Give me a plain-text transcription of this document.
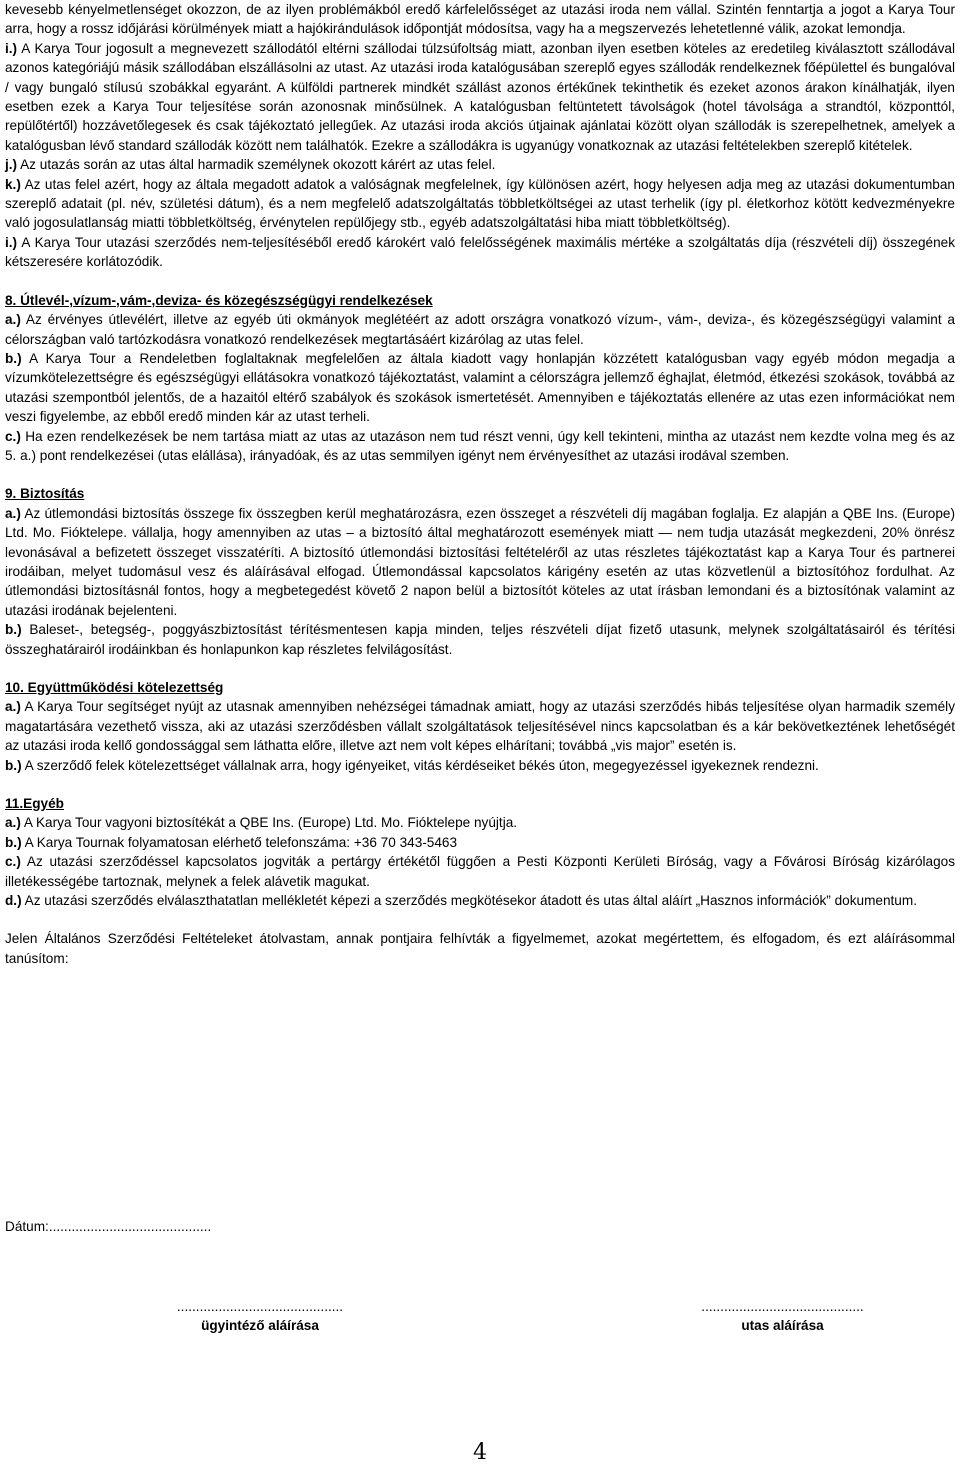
kevesebb kényelmetlenséget okozzon, de az ilyen problémákból eredő kárfelelősséget az utazási iroda nem vállal. Szintén fenntartja a jogot a Karya Tour arra, hogy a rossz időjárási körülmények miatt a hajókirándulások időpontját módosítsa, vagy ha a megszervezés lehetetlenné válik, azokat lemondja.

i.) A Karya Tour jogosult a megnevezett szállodától eltérni szállodai túlzsúfoltság miatt, azonban ilyen esetben köteles az eredetileg kiválasztott szállodával azonos kategóriájú másik szállodában elszállásolni az utast. Az utazási iroda katalógusában szereplő egyes szállodák rendelkeznek főépülettel és bungalóval / vagy bungaló stílusú szobákkal egyaránt. A külföldi partnerek mindkét szállást azonos értékűnek tekinthetik és ezeket azonos árakon kínálhatják, ilyen esetben ezek a Karya Tour teljesítése során azonosnak minősülnek. A katalógusban feltüntetett távolságok (hotel távolsága a strandtól, központtól, repülőtértől) hozzávetőlegesek és csak tájékoztató jellegűek. Az utazási iroda akciós útjainak ajánlatai között olyan szállodák is szerepelhetnek, amelyek a katalógusban lévő standard szállodák között nem találhatók. Ezekre a szállodákra is ugyanúgy vonatkoznak az utazási feltételekben szereplő kitételek.

j.) Az utazás során az utas által harmadik személynek okozott kárért az utas felel.

k.) Az utas felel azért, hogy az általa megadott adatok a valóságnak megfelelnek, így különösen azért, hogy helyesen adja meg az utazási dokumentumban szereplő adatait (pl. név, születési dátum), és a nem megfelelő adatszolgáltatás többletköltségei az utast terhelik (így pl. életkorhoz kötött kedvezményekre való jogosulatlanság miatti többletköltség, érvénytelen repülőjegy stb., egyéb adatszolgáltatási hiba miatt többletköltség).

i.) A Karya Tour utazási szerződés nem-teljesítéséből eredő károkért való felelősségének maximális mértéke a szolgáltatás díja (részvételi díj) összegének kétszeresére korlátozódik.

8. Útlevél-,vízum-,vám-,deviza- és közegészségügyi rendelkezések

a.) Az érvényes útlevélért, illetve az egyéb úti okmányok meglétéért az adott országra vonatkozó vízum-, vám-, deviza-, és közegészségügyi valamint a célországban való tartózkodásra vonatkozó rendelkezések megtartásáért kizárólag az utas felel.

b.) A Karya Tour a Rendeletben foglaltaknak megfelelően az általa kiadott vagy honlapján közzétett katalógusban vagy egyéb módon megadja a vízumkötelezettségre és egészségügyi ellátásokra vonatkozó tájékoztatást, valamint a célországra jellemző éghajlat, életmód, étkezési szokások, továbbá az utazási szempontból jelentős, de a hazaitól eltérő szabályok és szokások ismertetését. Amennyiben e tájékoztatás ellenére az utas ezen információkat nem veszi figyelembe, az ebből eredő minden kár az utast terheli.

c.) Ha ezen rendelkezések be nem tartása miatt az utas az utazáson nem tud részt venni, úgy kell tekinteni, mintha az utazást nem kezdte volna meg és az 5. a.) pont rendelkezései (utas elállása), irányadóak, és az utas semmilyen igényt nem érvényesíthet az utazási irodával szemben.

9. Biztosítás

a.) Az útlemondási biztosítás összege fix összegben kerül meghatározásra, ezen összeget a részvételi díj magában foglalja. Ez alapján a QBE Ins. (Europe) Ltd. Mo. Fióktelepe. vállalja, hogy amennyiben az utas – a biztosító által meghatározott események miatt — nem tudja utazását megkezdeni, 20% önrész levonásával a befizetett összeget visszatéríti. A biztosító útlemondási biztosítási feltételéről az utas részletes tájékoztatást kap a Karya Tour és partnerei irodáiban, melyet tudomásul vesz és aláírásával elfogad. Útlemondással kapcsolatos kárigény esetén az utas közvetlenül a biztosítóhoz fordulhat. Az útlemondási biztosításnál fontos, hogy a megbetegedést követő 2 napon belül a biztosítót köteles az utat írásban lemondani és a biztosítónak valamint az utazási irodának bejelenteni.

b.) Baleset-, betegség-, poggyászbiztosítást térítésmentesen kapja minden, teljes részvételi díjat fizető utasunk, melynek szolgáltatásairól és térítési összeghatárairól irodáinkban és honlapunkon kap részletes felvilágosítást.

10. Együttműködési kötelezettség

a.) A Karya Tour segítséget nyújt az utasnak amennyiben nehézségei támadnak amiatt, hogy az utazási szerződés hibás teljesítése olyan harmadik személy magatartására vezethető vissza, aki az utazási szerződésben vállalt szolgáltatások teljesítésével nincs kapcsolatban és a kár bekövetkeztének lehetőségét az utazási iroda kellő gondossággal sem láthatta előre, illetve azt nem volt képes elhárítani; továbbá „vis major” esetén is.

b.) A szerződő felek kötelezettséget vállalnak arra, hogy igényeiket, vitás kérdéseiket békés úton, megegyezéssel igyekeznek rendezni.

11.Egyéb

a.) A Karya Tour vagyoni biztosítékát a QBE Ins. (Europe) Ltd. Mo. Fióktelepe nyújtja.

b.) A Karya Tournak folyamatosan elérhető telefonszáma: +36 70 343-5463

c.) Az utazási szerződéssel kapcsolatos jogviták a pertárgy értékétől függően a Pesti Központi Kerületi Bíróság, vagy a Fővárosi Bíróság kizárólagos illetékességébe tartoznak, melynek a felek alávetik magukat.

d.) Az utazási szerződés elválaszthatatlan mellékletét képezi a szerződés megkötésekor átadott és utas által aláírt „Hasznos információk” dokumentum.

Jelen Általános Szerződési Feltételeket átolvastam, annak pontjaira felhívták a figyelmemet, azokat megértettem, és elfogadom, és ezt aláírásommal tanúsítom:

Dátum:...........................................
............................................
ügyintéző aláírása
...........................................
utas aláírása
4
